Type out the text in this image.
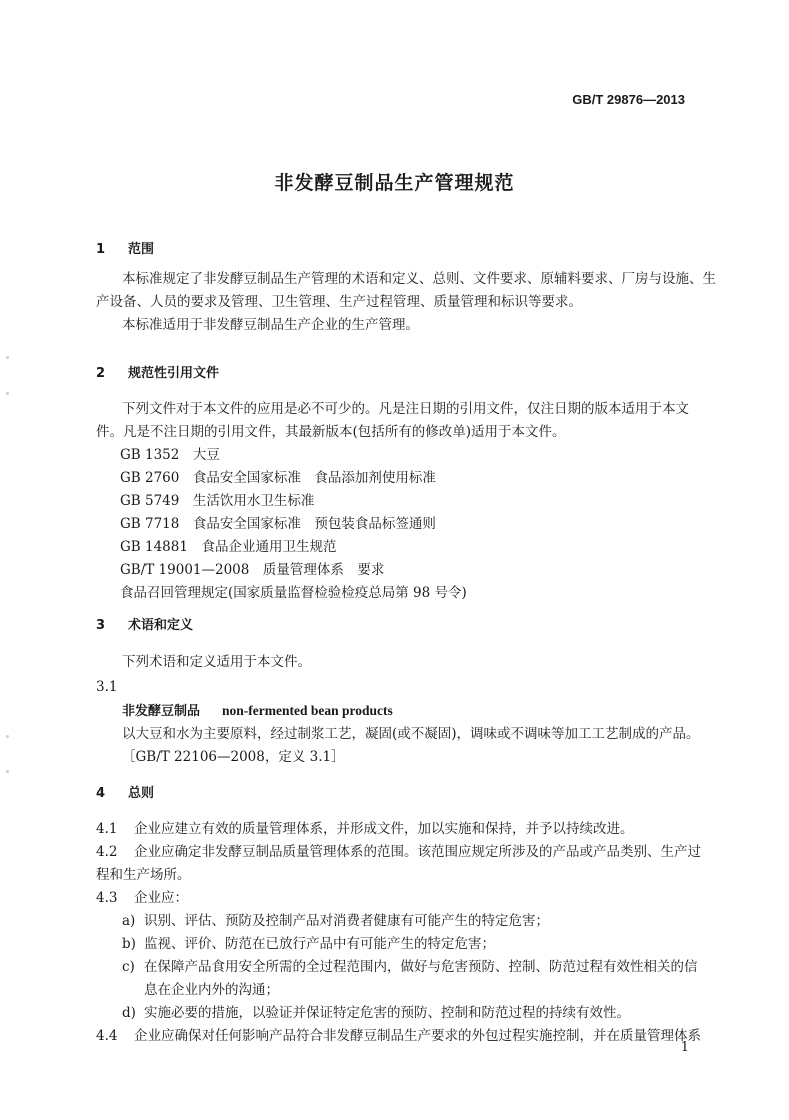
GB/T 29876—2013
非发酵豆制品生产管理规范
1 范围
本标准规定了非发酵豆制品生产管理的术语和定义、总则、文件要求、原辅料要求、厂房与设施、生
产设备、人员的要求及管理、卫生管理、生产过程管理、质量管理和标识等要求。
本标准适用于非发酵豆制品生产企业的生产管理。
2 规范性引用文件
下列文件对于本文件的应用是必不可少的。凡是注日期的引用文件，仅注日期的版本适用于本文
件。凡是不注日期的引用文件，其最新版本(包括所有的修改单)适用于本文件。
GB 1352　大豆
GB 2760　食品安全国家标准　食品添加剂使用标准
GB 5749　生活饮用水卫生标准
GB 7718　食品安全国家标准　预包装食品标签通则
GB 14881　食品企业通用卫生规范
GB/T 19001—2008　质量管理体系　要求
食品召回管理规定(国家质量监督检验检疫总局第 98 号令)
3 术语和定义
下列术语和定义适用于本文件。
3.1
非发酵豆制品 non-fermented bean products
以大豆和水为主要原料，经过制浆工艺，凝固(或不凝固)，调味或不调味等加工工艺制成的产品。
［GB/T 22106—2008，定义 3.1］
4 总则
4.1 企业应建立有效的质量管理体系，并形成文件，加以实施和保持，并予以持续改进。
4.2 企业应确定非发酵豆制品质量管理体系的范围。该范围应规定所涉及的产品或产品类别、生产过
程和生产场所。
4.3 企业应：
a) 识别、评估、预防及控制产品对消费者健康有可能产生的特定危害；
b) 监视、评价、防范在已放行产品中有可能产生的特定危害；
c) 在保障产品食用安全所需的全过程范围内，做好与危害预防、控制、防范过程有效性相关的信
息在企业内外的沟通；
d) 实施必要的措施，以验证并保证特定危害的预防、控制和防范过程的持续有效性。
4.4 企业应确保对任何影响产品符合非发酵豆制品生产要求的外包过程实施控制，并在质量管理体系
1
